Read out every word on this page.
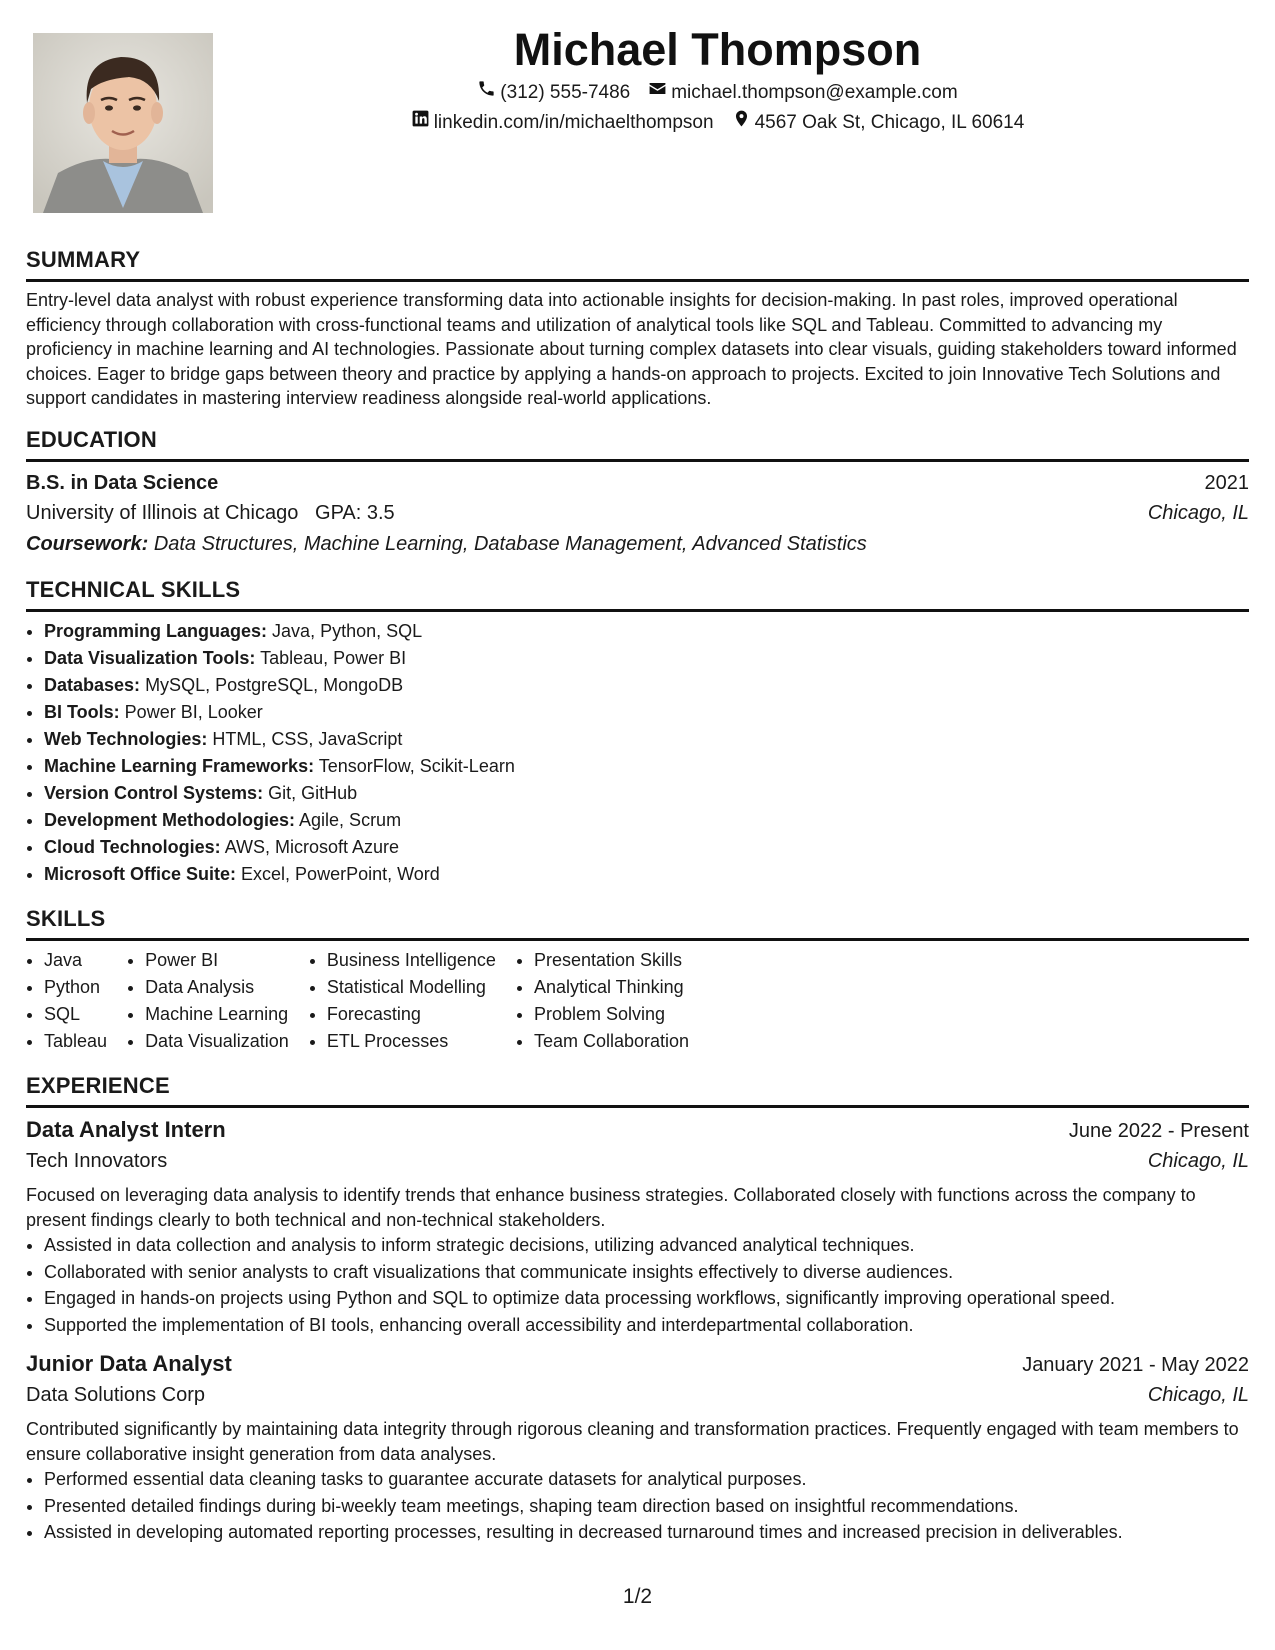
Michael Thompson
(312) 555-7486 michael.thompson@example.com
linkedin.com/in/michaelthompson 4567 Oak St, Chicago, IL 60614
SUMMARY

Entry-level data analyst with robust experience transforming data into actionable insights for decision-making. In past roles, improved operational efficiency through collaboration with cross-functional teams and utilization of analytical tools like SQL and Tableau. Committed to advancing my proficiency in machine learning and AI technologies. Passionate about turning complex datasets into clear visuals, guiding stakeholders toward informed choices. Eager to bridge gaps between theory and practice by applying a hands-on approach to projects. Excited to join Innovative Tech Solutions and support candidates in mastering interview readiness alongside real-world applications.

EDUCATION
B.S. in Data Science	2021
University of Illinois at Chicago GPA: 3.5	Chicago, IL
Coursework: Data Structures, Machine Learning, Database Management, Advanced Statistics
TECHNICAL SKILLS
• Programming Languages: Java, Python, SQL
• Data Visualization Tools: Tableau, Power BI
• Databases: MySQL, PostgreSQL, MongoDB
• BI Tools: Power BI, Looker
• Web Technologies: HTML, CSS, JavaScript
• Machine Learning Frameworks: TensorFlow, Scikit-Learn
• Version Control Systems: Git, GitHub
• Development Methodologies: Agile, Scrum
• Cloud Technologies: AWS, Microsoft Azure
• Microsoft Office Suite: Excel, PowerPoint, Word
SKILLS
• Java
• Python
• SQL
• Tableau
• Power BI
• Data Analysis
• Machine Learning
• Data Visualization
• Business Intelligence
• Statistical Modelling
• Forecasting
• ETL Processes
• Presentation Skills
• Analytical Thinking
• Problem Solving
• Team Collaboration
EXPERIENCE
Data Analyst Intern	June 2022 - Present
Tech Innovators	Chicago, IL

Focused on leveraging data analysis to identify trends that enhance business strategies. Collaborated closely with functions across the company to present findings clearly to both technical and non-technical stakeholders.

• Assisted in data collection and analysis to inform strategic decisions, utilizing advanced analytical techniques.
• Collaborated with senior analysts to craft visualizations that communicate insights effectively to diverse audiences.
• Engaged in hands-on projects using Python and SQL to optimize data processing workflows, significantly improving operational speed.
• Supported the implementation of BI tools, enhancing overall accessibility and interdepartmental collaboration.
Junior Data Analyst	January 2021 - May 2022
Data Solutions Corp	Chicago, IL

Contributed significantly by maintaining data integrity through rigorous cleaning and transformation practices. Frequently engaged with team members to ensure collaborative insight generation from data analyses.

• Performed essential data cleaning tasks to guarantee accurate datasets for analytical purposes.
• Presented detailed findings during bi-weekly team meetings, shaping team direction based on insightful recommendations.
• Assisted in developing automated reporting processes, resulting in decreased turnaround times and increased precision in deliverables.
1/2
